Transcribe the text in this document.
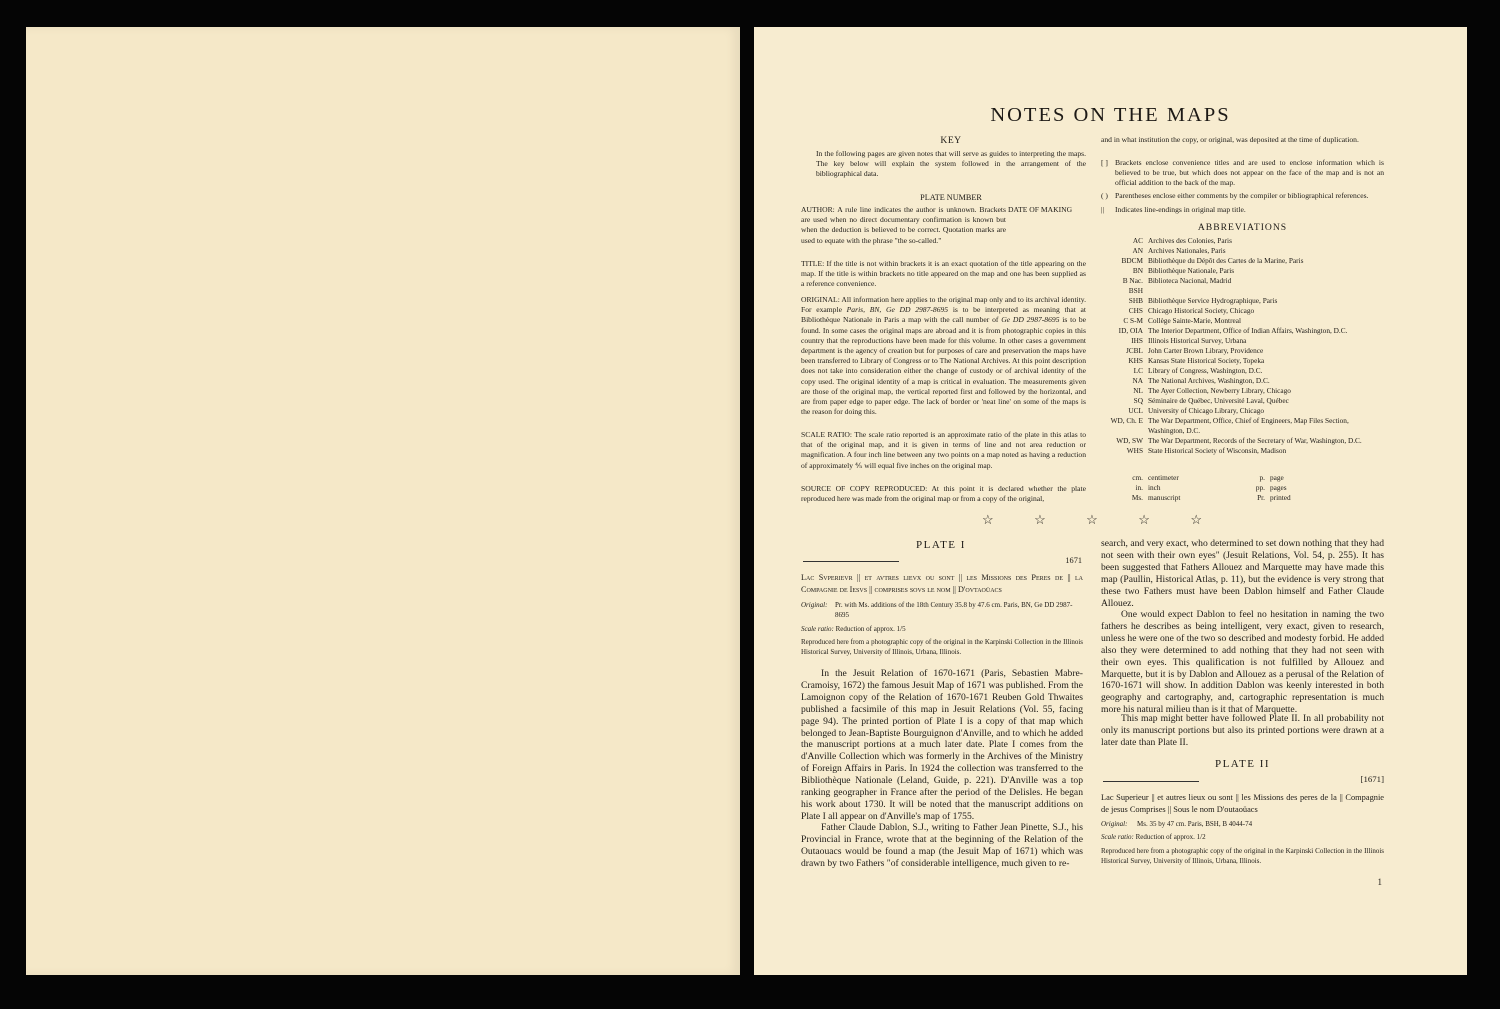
NOTES ON THE MAPS
KEY
In the following pages are given notes that will serve as guides to interpreting the maps. The key below will explain the system followed in the arrangement of the bibliographical data.
PLATE NUMBER
AUTHOR: A rule line indicates the author is unknown. Brackets are used when no direct documentary confirmation is known but when the deduction is believed to be correct. Quotation marks are used to equate with the phrase "the so-called."
DATE OF MAKING
TITLE: If the title is not within brackets it is an exact quotation of the title appearing on the map. If the title is within brackets no title appeared on the map and one has been supplied as a reference convenience.
ORIGINAL: All information here applies to the original map only and to its archival identity. For example Paris, BN, Ge DD 2987-8695 is to be interpreted as meaning that at Bibliothèque Nationale in Paris a map with the call number of Ge DD 2987-8695 is to be found. In some cases the original maps are abroad and it is from photographic copies in this country that the reproductions have been made for this volume. In other cases a government department is the agency of creation but for purposes of care and preservation the maps have been transferred to Library of Congress or to The National Archives. At this point description does not take into consideration either the change of custody or of archival identity of the copy used. The original identity of a map is critical in evaluation. The measurements given are those of the original map, the vertical reported first and followed by the horizontal, and are from paper edge to paper edge. The lack of border or 'neat line' on some of the maps is the reason for doing this.
SCALE RATIO: The scale ratio reported is an approximate ratio of the plate in this atlas to that of the original map, and it is given in terms of line and not area reduction or magnification. A four inch line between any two points on a map noted as having a reduction of approximately ⅘ will equal five inches on the original map.
SOURCE OF COPY REPRODUCED: At this point it is declared whether the plate reproduced here was made from the original map or from a copy of the original,
and in what institution the copy, or original, was deposited at the time of duplication.
[ ] Brackets enclose convenience titles and are used to enclose information which is believed to be true, but which does not appear on the face of the map and is not an official addition to the back of the map.
( ) Parentheses enclose either comments by the compiler or bibliographical references.
||	Indicates line-endings in original map title.
ABBREVIATIONS
AC Archives des Colonies, Paris
AN Archives Nationales, Paris
BDCM Bibliothèque du Dépôt des Cartes de la Marine, Paris
BN Bibliothèque Nationale, Paris
B Nac. Biblioteca Nacional, Madrid
BSH
SHB Bibliothèque Service Hydrographique, Paris
CHS Chicago Historical Society, Chicago
C S-M Collège Sainte-Marie, Montreal
ID, OIA The Interior Department, Office of Indian Affairs, Washington, D.C.
IHS Illinois Historical Survey, Urbana
JCBL John Carter Brown Library, Providence
KHS Kansas State Historical Society, Topeka
LC Library of Congress, Washington, D.C.
NA The National Archives, Washington, D.C.
NL The Ayer Collection, Newberry Library, Chicago
SQ Séminaire de Québec, Université Laval, Québec
UCL University of Chicago Library, Chicago
WD, Ch. E The War Department, Office, Chief of Engineers, Map Files Section, Washington, D.C.
WD, SW The War Department, Records of the Secretary of War, Washington, D.C.
WHS State Historical Society of Wisconsin, Madison
cm. centimeter	p. page
in. inch	pp. pages
Ms. manuscript	Pr. printed
☆	☆	☆	☆	☆
PLATE I
1671
Lac Svperievr || et avtres lievx ou sont || les Missions des Peres de || la Compagnie de Iesvs || comprises sovs le nom || D'ovtaoüacs
Original:	Pr. with Ms. additions of the 18th Century 35.8 by 47.6 cm. Paris, BN, Ge DD 2987-8695
Scale ratio: Reduction of approx. 1/5
Reproduced here from a photographic copy of the original in the Karpinski Collection in the Illinois Historical Survey, University of Illinois, Urbana, Illinois.
In the Jesuit Relation of 1670-1671 (Paris, Sebastien Mabre-Cramoisy, 1672) the famous Jesuit Map of 1671 was published. From the Lamoignon copy of the Relation of 1670-1671 Reuben Gold Thwaites published a facsimile of this map in Jesuit Relations (Vol. 55, facing page 94). The printed portion of Plate I is a copy of that map which belonged to Jean-Baptiste Bourguignon d'Anville, and to which he added the manuscript portions at a much later date. Plate I comes from the d'Anville Collection which was formerly in the Archives of the Ministry of Foreign Affairs in Paris. In 1924 the collection was transferred to the Bibliothèque Nationale (Leland, Guide, p. 221). D'Anville was a top ranking geographer in France after the period of the Delisles. He began his work about 1730. It will be noted that the manuscript additions on Plate I all appear on d'Anville's map of 1755.
Father Claude Dablon, S.J., writing to Father Jean Pinette, S.J., his Provincial in France, wrote that at the beginning of the Relation of the Outaouacs would be found a map (the Jesuit Map of 1671) which was drawn by two Fathers "of considerable intelligence, much given to re-
search, and very exact, who determined to set down nothing that they had not seen with their own eyes" (Jesuit Relations, Vol. 54, p. 255). It has been suggested that Fathers Allouez and Marquette may have made this map (Paullin, Historical Atlas, p. 11), but the evidence is very strong that these two Fathers must have been Dablon himself and Father Claude Allouez.
One would expect Dablon to feel no hesitation in naming the two fathers he describes as being intelligent, very exact, given to research, unless he were one of the two so described and modesty forbid. He added also they were determined to add nothing that they had not seen with their own eyes. This qualification is not fulfilled by Allouez and Marquette, but it is by Dablon and Allouez as a perusal of the Relation of 1670-1671 will show. In addition Dablon was keenly interested in both geography and cartography, and, cartographic representation is much more his natural milieu than is it that of Marquette.
This map might better have followed Plate II. In all probability not only its manuscript portions but also its printed portions were drawn at a later date than Plate II.
PLATE II
[1671]
Lac Superieur || et autres lieux ou sont || les Missions des peres de la || Compagnie de jesus Comprises || Sous le nom D'outaoüacs
Original:	Ms. 35 by 47 cm. Paris, BSH, B 4044-74
Scale ratio: Reduction of approx. 1/2
Reproduced here from a photographic copy of the original in the Karpinski Collection in the Illinois Historical Survey, University of Illinois, Urbana, Illinois.
1
